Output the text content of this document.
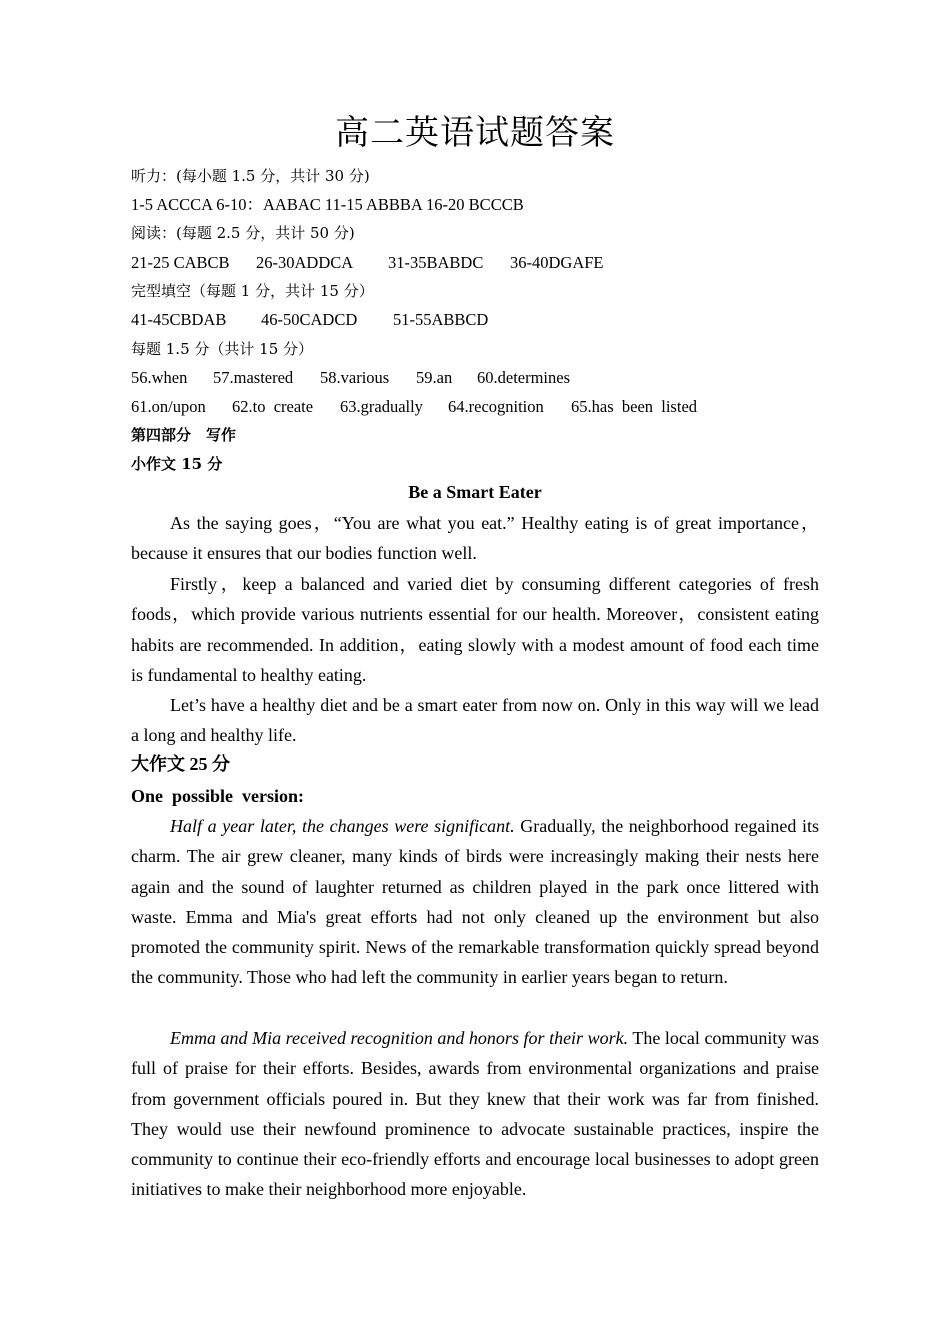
高二英语试题答案
听力：(每小题 1.5 分，共计 30 分)
1-5 ACCCA 6-10：AABAC 11-15 ABBBA 16-20 BCCCB
阅读：(每题 2.5 分，共计 50 分)
21-25 CABCB 26-30ADDCA 31-35BABDC 36-40DGAFE
完型填空（每题 1 分，共计 15 分）
41-45CBDAB 46-50CADCD 51-55ABBCD
每题 1.5 分（共计 15 分）
56.when 57.mastered 58.various 59.an 60.determines
61.on/upon 62.to  create 63.gradually 64.recognition 65.has  been  listed
第四部分　写作
小作文 15 分
Be a Smart Eater

As the saying goes，“You are what you eat.” Healthy eating is of great importance，because it ensures that our bodies function well.

Firstly，keep a balanced and varied diet by consuming different categories of fresh foods，which provide various nutrients essential for our health. Moreover，consistent eating habits are recommended. In addition，eating slowly with a modest amount of food each time is fundamental to healthy eating.

Let’s have a healthy diet and be a smart eater from now on. Only in this way will we lead a long and healthy life.

大作文 25 分
One  possible  version:

Half a year later, the changes were significant. Gradually, the neighborhood regained its charm. The air grew cleaner, many kinds of birds were increasingly making their nests here again and the sound of laughter returned as children played in the park once littered with waste. Emma and Mia's great efforts had not only cleaned up the environment but also promoted the community spirit. News of the remarkable transformation quickly spread beyond the community. Those who had left the community in earlier years began to return.

Emma and Mia received recognition and honors for their work. The local community was full of praise for their efforts. Besides, awards from environmental organizations and praise from government officials poured in. But they knew that their work was far from finished. They would use their newfound prominence to advocate sustainable practices, inspire the community to continue their eco-friendly efforts and encourage local businesses to adopt green initiatives to make their neighborhood more enjoyable.
